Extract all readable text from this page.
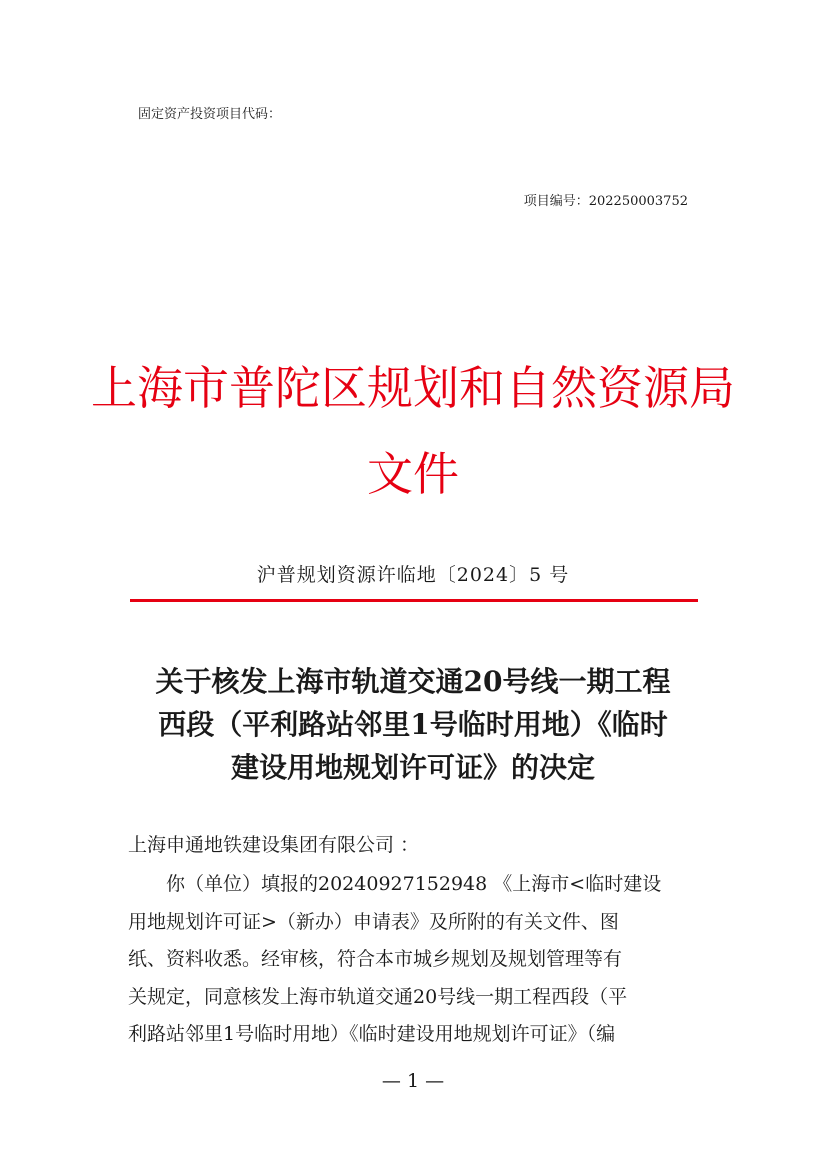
固定资产投资项目代码：
项目编号：202250003752
上海市普陀区规划和自然资源局
文件
沪普规划资源许临地〔2024〕5 号
关于核发上海市轨道交通20号线一期工程
西段（平利路站邻里1号临时用地）《临时
建设用地规划许可证》的决定
上海申通地铁建设集团有限公司 ：
　　你（单位）填报的20240927152948 《上海市<临时建设
用地规划许可证>（新办）申请表》及所附的有关文件、图
纸、资料收悉。经审核，符合本市城乡规划及规划管理等有
关规定，同意核发上海市轨道交通20号线一期工程西段（平
利路站邻里1号临时用地）《临时建设用地规划许可证》（编
— 1 —
